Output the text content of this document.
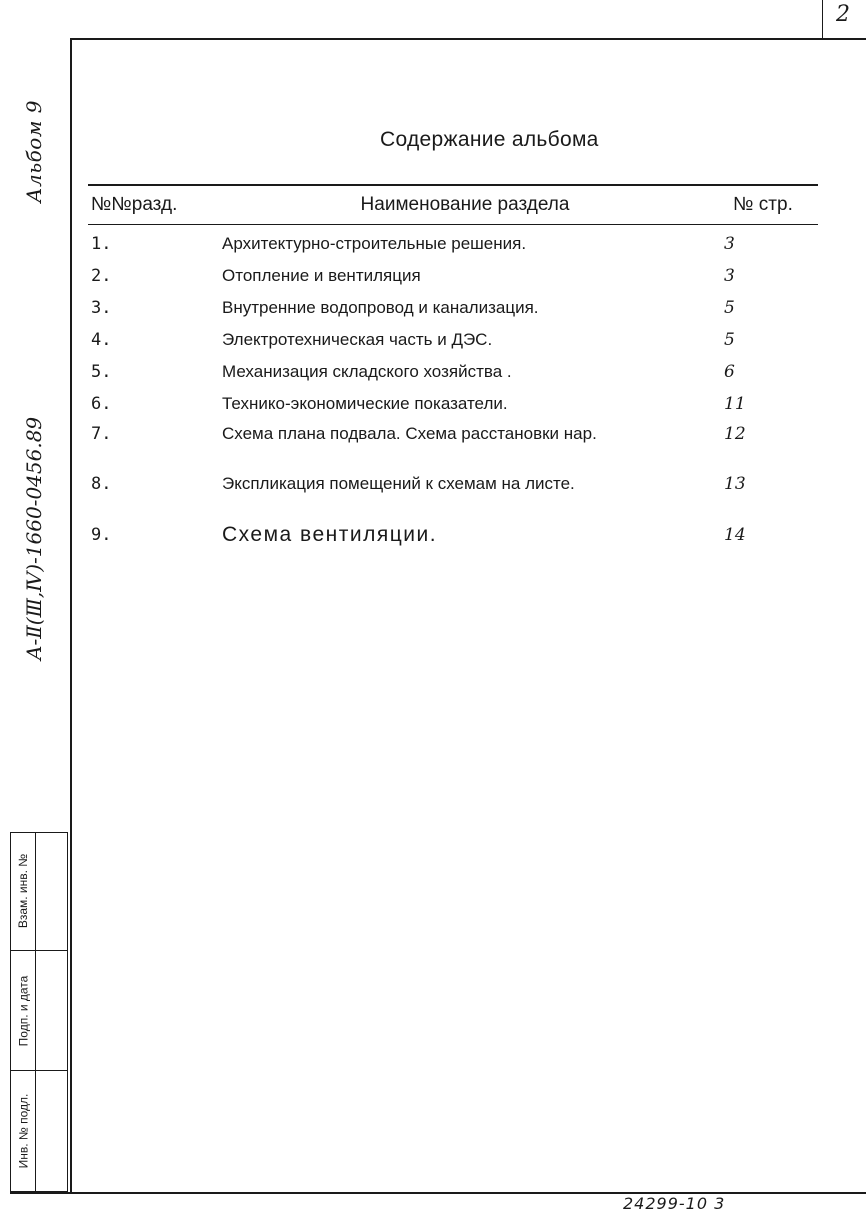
2
A-Ⅱ(Ⅲ,Ⅳ)-1660-0456.89
Альбом 9
Инв. № подл.
Подп. и дата
Взам. инв. №
Содержание альбома
№№разд.	Наименование раздела	№ стр.
1.	Архитектурно-строительные решения.	3
2.	Отопление и вентиляция	3
3.	Внутренние водопровод и канализация.	5
4.	Электротехническая часть и ДЭС.	5
5.	Механизация складского хозяйства .	6
6.	Технико-экономические показатели.	11
7.	Схема плана подвала. Схема расстановки нар.	12
8.	Экспликация помещений к схемам на листе.	13
9.	Схема вентиляции.	14
24299-10 3
